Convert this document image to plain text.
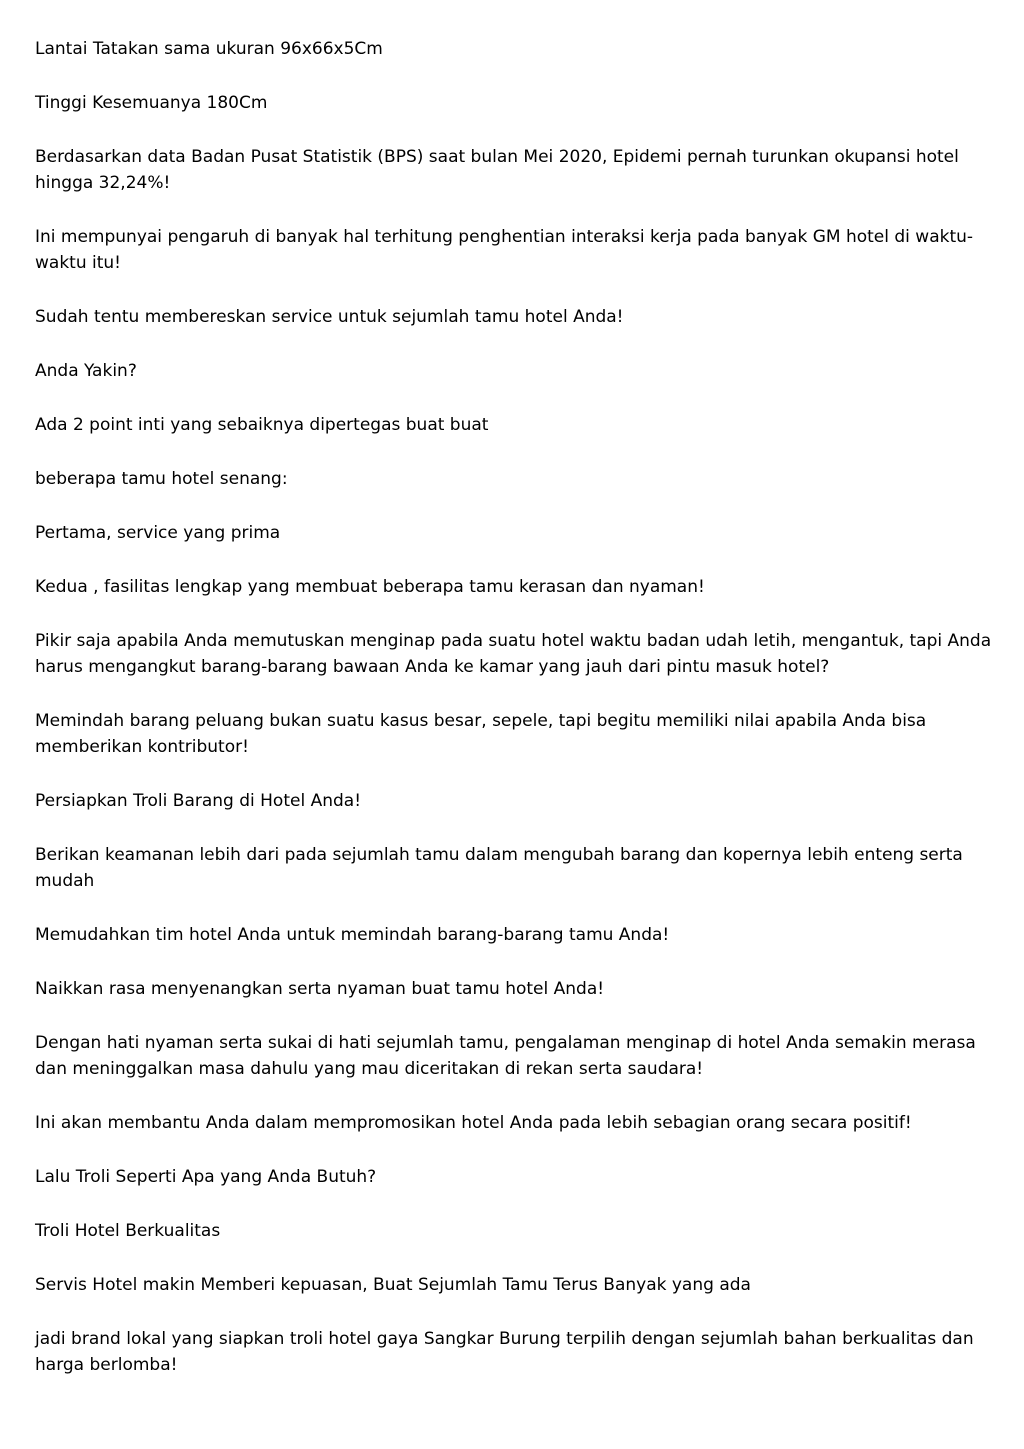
Lantai Tatakan sama ukuran 96x66x5Cm

Tinggi Kesemuanya 180Cm

Berdasarkan data Badan Pusat Statistik (BPS) saat bulan Mei 2020, Epidemi pernah turunkan okupansi hotel hingga 32,24%!

Ini mempunyai pengaruh di banyak hal terhitung penghentian interaksi kerja pada banyak GM hotel di waktu-waktu itu!

Sudah tentu membereskan service untuk sejumlah tamu hotel Anda!

Anda Yakin?

Ada 2 point inti yang sebaiknya dipertegas buat buat

beberapa tamu hotel senang:

Pertama, service yang prima

Kedua , fasilitas lengkap yang membuat beberapa tamu kerasan dan nyaman!

Pikir saja apabila Anda memutuskan menginap pada suatu hotel waktu badan udah letih, mengantuk, tapi Anda harus mengangkut barang-barang bawaan Anda ke kamar yang jauh dari pintu masuk hotel?

Memindah barang peluang bukan suatu kasus besar, sepele, tapi begitu memiliki nilai apabila Anda bisa memberikan kontributor!

Persiapkan Troli Barang di Hotel Anda!

Berikan keamanan lebih dari pada sejumlah tamu dalam mengubah barang dan kopernya lebih enteng serta mudah

Memudahkan tim hotel Anda untuk memindah barang-barang tamu Anda!

Naikkan rasa menyenangkan serta nyaman buat tamu hotel Anda!

Dengan hati nyaman serta sukai di hati sejumlah tamu, pengalaman menginap di hotel Anda semakin merasa dan meninggalkan masa dahulu yang mau diceritakan di rekan serta saudara!

Ini akan membantu Anda dalam mempromosikan hotel Anda pada lebih sebagian orang secara positif!

Lalu Troli Seperti Apa yang Anda Butuh?

Troli Hotel Berkualitas

Servis Hotel makin Memberi kepuasan, Buat Sejumlah Tamu Terus Banyak yang ada

jadi brand lokal yang siapkan troli hotel gaya Sangkar Burung terpilih dengan sejumlah bahan berkualitas dan harga berlomba!
